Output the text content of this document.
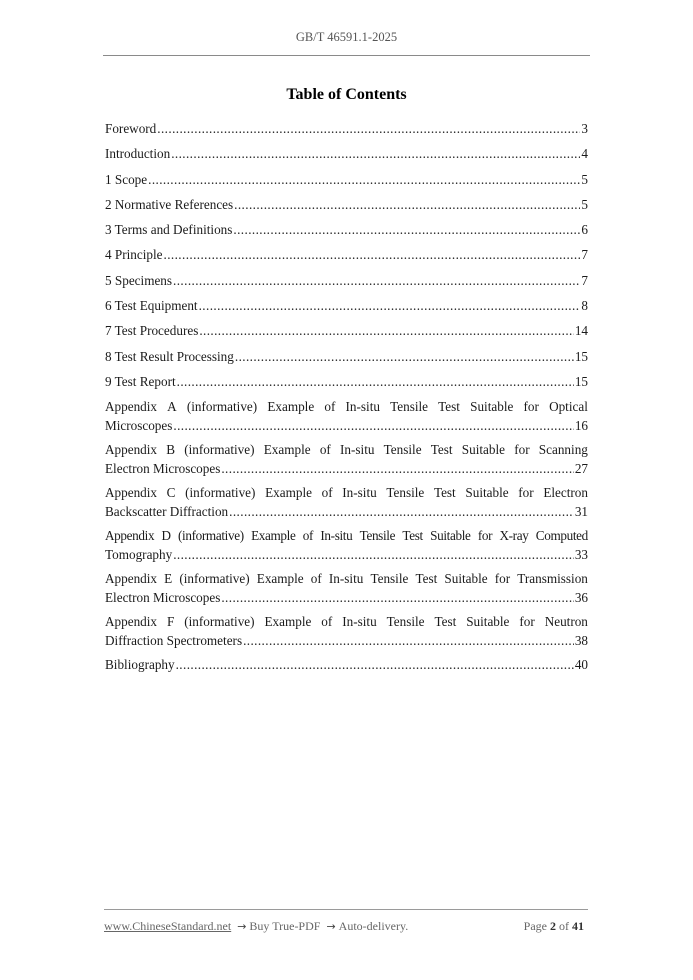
GB/T 46591.1-2025
Table of Contents
Foreword .....	3
Introduction .....	4
1 Scope .....	5
2 Normative References .....	5
3 Terms and Definitions .....	6
4 Principle .....	7
5 Specimens .....	7
6 Test Equipment .....	8
7 Test Procedures .....	14
8 Test Result Processing .....	15
9 Test Report .....	15
Appendix A (informative) Example of In-situ Tensile Test Suitable for Optical
Microscopes .....	16
Appendix B (informative) Example of In-situ Tensile Test Suitable for Scanning
Electron Microscopes .....	27
Appendix C (informative) Example of In-situ Tensile Test Suitable for Electron
Backscatter Diffraction .....	31
Appendix D (informative) Example of In-situ Tensile Test Suitable for X-ray Computed
Tomography .....	33
Appendix E (informative) Example of In-situ Tensile Test Suitable for Transmission
Electron Microscopes .....	36
Appendix F (informative) Example of In-situ Tensile Test Suitable for Neutron
Diffraction Spectrometers .....	38
Bibliography .....	40
www.ChineseStandard.net → Buy True-PDF → Auto-delivery.	Page 2 of 41
